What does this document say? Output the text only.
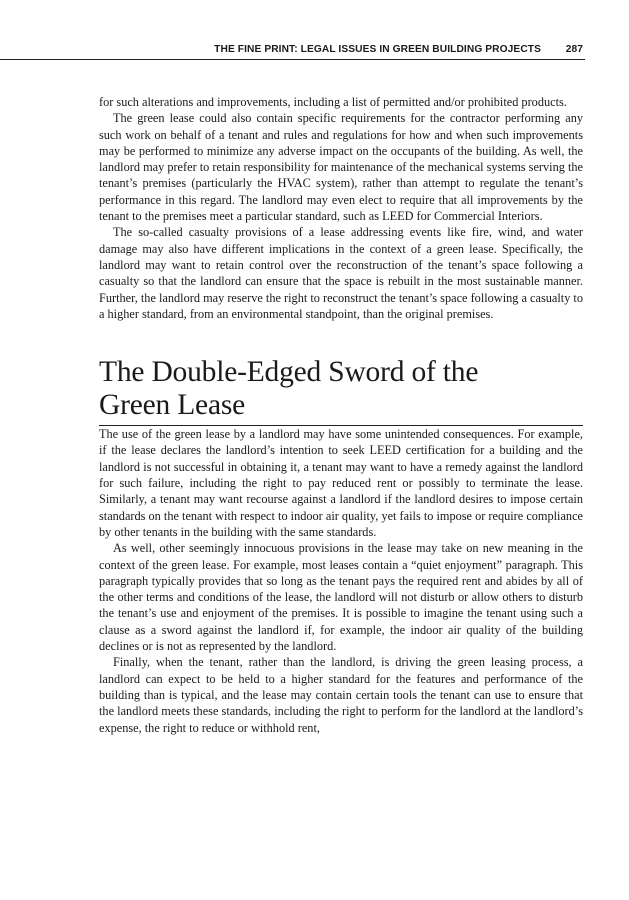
THE FINE PRINT: LEGAL ISSUES IN GREEN BUILDING PROJECTS 287

for such alterations and improvements, including a list of permitted and/or prohibited products.

The green lease could also contain specific requirements for the contractor performing any such work on behalf of a tenant and rules and regulations for how and when such improvements may be performed to minimize any adverse impact on the occupants of the building. As well, the landlord may prefer to retain responsibility for maintenance of the mechanical systems serving the tenant’s premises (particularly the HVAC system), rather than attempt to regulate the tenant’s performance in this regard. The landlord may even elect to require that all improvements by the tenant to the premises meet a particular standard, such as LEED for Commercial Interiors.

The so-called casualty provisions of a lease addressing events like fire, wind, and water damage may also have different implications in the context of a green lease. Specifically, the landlord may want to retain control over the reconstruction of the tenant’s space following a casualty so that the landlord can ensure that the space is rebuilt in the most sustainable manner. Further, the landlord may reserve the right to reconstruct the tenant’s space following a casualty to a higher standard, from an environmental standpoint, than the original premises.

The Double-Edged Sword of the
Green Lease

The use of the green lease by a landlord may have some unintended consequences. For example, if the lease declares the landlord’s intention to seek LEED certification for a building and the landlord is not successful in obtaining it, a tenant may want to have a remedy against the landlord for such failure, including the right to pay reduced rent or possibly to terminate the lease. Similarly, a tenant may want recourse against a landlord if the landlord desires to impose certain standards on the tenant with respect to indoor air quality, yet fails to impose or require compliance by other tenants in the building with the same standards.

As well, other seemingly innocuous provisions in the lease may take on new meaning in the context of the green lease. For example, most leases contain a “quiet enjoyment” paragraph. This paragraph typically provides that so long as the tenant pays the required rent and abides by all of the other terms and conditions of the lease, the landlord will not disturb or allow others to disturb the tenant’s use and enjoyment of the premises. It is possible to imagine the tenant using such a clause as a sword against the landlord if, for example, the indoor air quality of the building declines or is not as represented by the landlord.

Finally, when the tenant, rather than the landlord, is driving the green leasing process, a landlord can expect to be held to a higher standard for the features and performance of the building than is typical, and the lease may contain certain tools the tenant can use to ensure that the landlord meets these standards, including the right to perform for the landlord at the landlord’s expense, the right to reduce or withhold rent,
